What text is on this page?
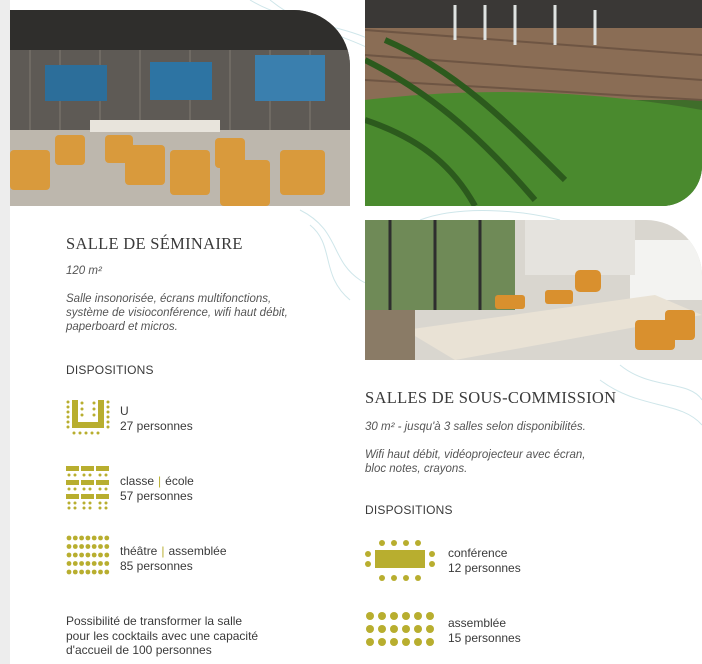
SALLE DE SÉMINAIRE
120 m²
Salle insonorisée, écrans multifonctions,
système de visioconférence, wifi haut débit,
paperboard et micros.
DISPOSITIONS
U
27 personnes
classe | école
57 personnes
théâtre | assemblée
85 personnes
Possibilité de transformer la salle
pour les cocktails avec une capacité
d'accueil de 100 personnes
SALLES DE SOUS-COMMISSION
30 m² - jusqu'à 3 salles selon disponibilités.
Wifi haut débit, vidéoprojecteur avec écran,
bloc notes, crayons.
DISPOSITIONS
conférence
12 personnes
assemblée
15 personnes
